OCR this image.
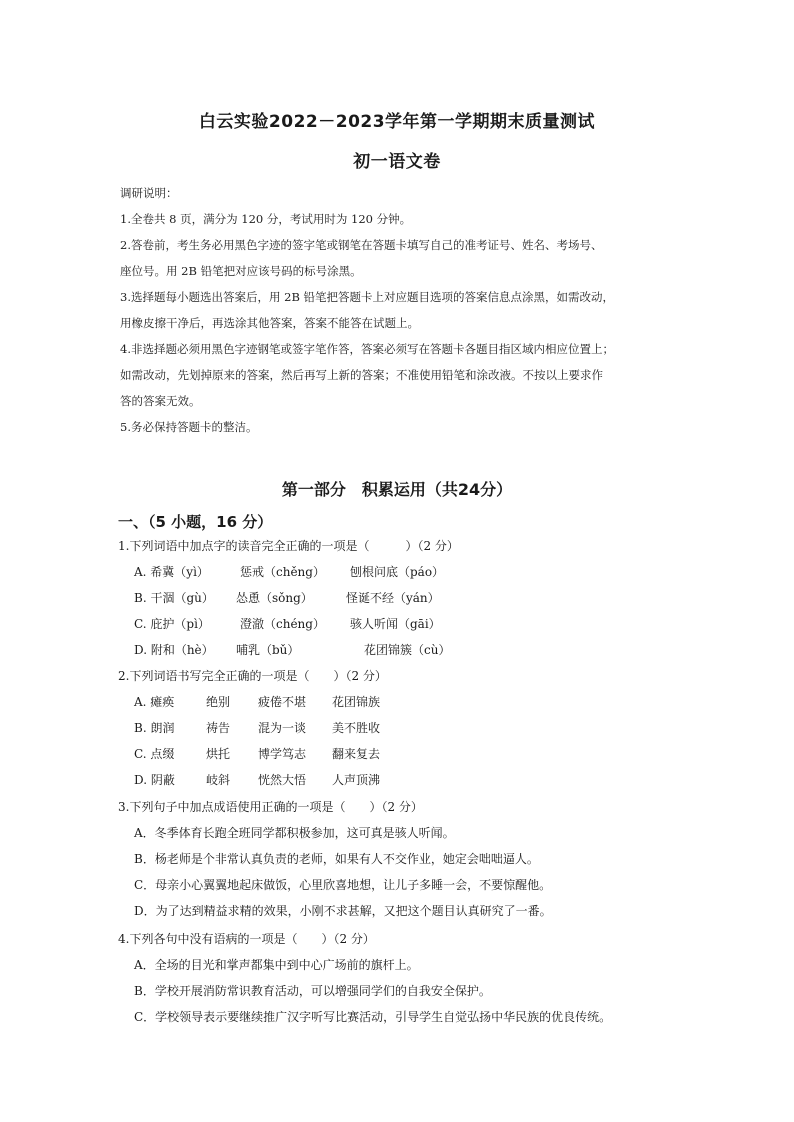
白云实验2022－2023学年第一学期期末质量测试
初一语文卷

调研说明：

1.全卷共 8 页，满分为 120 分，考试用时为 120 分钟。

2.答卷前，考生务必用黑色字迹的签字笔或钢笔在答题卡填写自己的准考证号、姓名、考场号、

座位号。用 2B 铅笔把对应该号码的标号涂黑。

3.选择题每小题选出答案后，用 2B 铅笔把答题卡上对应题目选项的答案信息点涂黑，如需改动，

用橡皮擦干净后，再选涂其他答案，答案不能答在试题上。

4.非选择题必须用黑色字迹钢笔或签字笔作答，答案必须写在答题卡各题目指区域内相应位置上；

如需改动，先划掉原来的答案，然后再写上新的答案；不准使用铅笔和涂改液。不按以上要求作

答的答案无效。

5.务必保持答题卡的整洁。

第一部分　积累运用（共24分）
一、（5 小题，16 分）
1.下列词语中加点字的读音完全正确的一项是（　　　）（2 分）
A. 希冀（yì）	惩戒（chěng） 刨根问底（páo）
B. 干涸（gù） 怂恿（sǒng）	怪诞不经（yán）
C. 庇护（pì）	澄澈（chéng） 骇人听闻（gāi）
D. 附和（hè） 哺乳（bǔ）	花团锦簇（cù）
2.下列词语书写完全正确的一项是（　　）（2 分）
A. 瘫痪	绝别 疲倦不堪 花团锦族
B. 朗润	祷告 混为一谈 美不胜收
C. 点缀	烘托 博学笃志 翻来复去
D. 阴蔽	岐斜 恍然大悟 人声顶沸
3.下列句子中加点成语使用正确的一项是（　　）（2 分）
A．冬季体育长跑全班同学都积极参加，这可真是骇人听闻。
B．杨老师是个非常认真负责的老师，如果有人不交作业，她定会咄咄逼人。
C．母亲小心翼翼地起床做饭，心里欣喜地想，让儿子多睡一会，不要惊醒他。
D．为了达到精益求精的效果，小刚不求甚解，又把这个题目认真研究了一番。
4.下列各句中没有语病的一项是（　　）（2 分）
A．全场的目光和掌声都集中到中心广场前的旗杆上。
B．学校开展消防常识教育活动，可以增强同学们的自我安全保护。
C．学校领导表示要继续推广汉字听写比赛活动，引导学生自觉弘扬中华民族的优良传统。
